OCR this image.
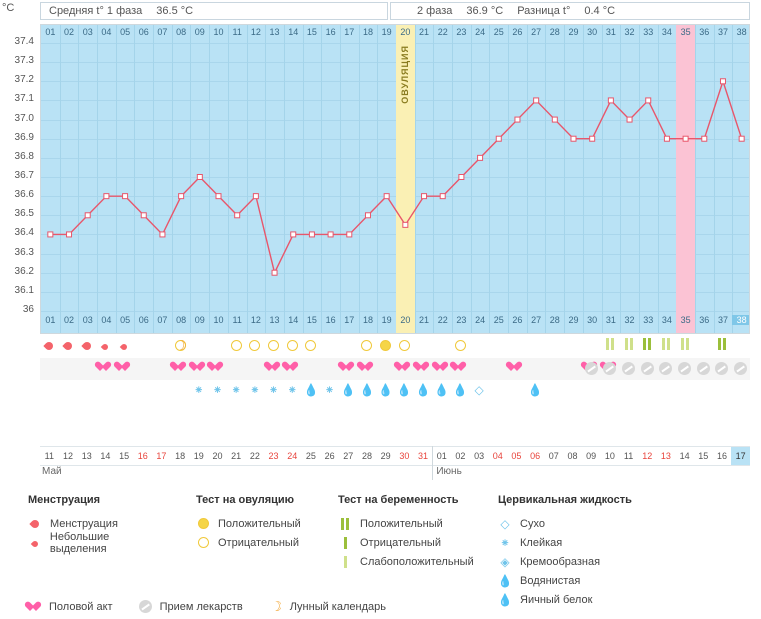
°C	Средняя t° 1 фаза 36.5 °C	2 фаза 36.9 °C Разница t° 0.4 °C
37.4
37.3
37.2
37.1
37.0
36.9
36.8
36.7
36.6
36.5
36.4
36.3
36.2
36.1
36
ОВУЛЯЦИЯ
01 02 03 04 05 06 07 08 09 10 11	12 13 14 15 16 17 18 19 20 21 22 23 24 25 26 27 28 29 30 31 32 33 34 35 36 37 38
01 02 03 04 05 06 07 08 09 10 11	12 13 14 15 16 17 18 19 20 21 22 23 24 25 26 27 28 29 30 31 32 33 34 35 36 37 38
☽
⁕ ⁕ ⁕ ⁕ ⁕ ⁕ 💧 ⁕ 💧 💧 💧 💧 💧 💧 💧 ◇	💧
11	12 13 14 15 16 17 18 19 20 21 22 23 24 25 26 27 28 29 30 31 01 02 03 04 05 06 07 08 09 10	11	12 13 14 15 16 17
Май	Июнь
Менструация
Менструация
Небольшие выделения
Тест на овуляцию
Положительный
Отрицательный
Тест на беременность
Положительный
Отрицательный
Слабоположительный
Цервикальная жидкость
◇ Сухо
⁕ Клейкая
◈ Кремообразная
💧 Водянистая
💧 Яичный белок
Половой акт	Прием лекарств ☽	Лунный календарь
